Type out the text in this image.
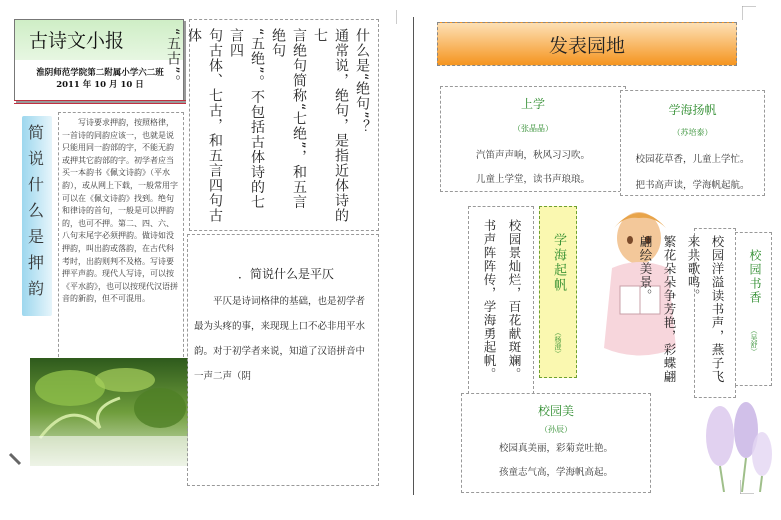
古诗文小报
淮阴师范学院第二附属小学六二班
2011 年 10 月 10 日
简说什么是押韵

写诗要求押韵，按照格律，一首诗的同韵应该一，也就是说只能用同一韵部的字，不能无韵或押其它韵部的字。初学者应当买一本韵书《佩文诗韵》（平水韵），或从网上下载，一般常用字可以在《佩文诗韵》找到。绝句和律诗的首句，一般是可以押韵的，也可不押。第二、四、六、八句末尾字必须押韵。做诗如没押韵，叫出韵或落韵，在古代科考时，出韵则判不及格。写诗要押平声韵。现代人写诗，可以按《平水韵》，也可以按现代汉语拼音的新韵，但不可混用。

什么是“绝句”？
通常说，绝句，是指近体诗的七
言绝句简称“七绝”，和五言绝句
“五绝”。不包括古体诗的七言四
句古体、七古，和五言四句古体
“五古”。
．简说什么是平仄

平仄是诗词格律的基础，也是初学者最为头疼的事，来现现上口不必非用平水韵。对于初学者来说，知道了汉语拼音中一声二声（阴

发表园地
上学
（张晶晶）
汽笛声声响，秋风习习吹。
儿童上学堂，读书声琅琅。
学海扬帆
（苏培泰）
校园花草香，儿童上学忙。
把书高声读，学海帆起航。
校园景灿烂，百花献斑斓。
书声阵阵传，学海勇起帆。	学海起帆
（杨澄）	校园洋溢读书声，燕子飞来共歌鸣。
繁花朵朵争芳艳，彩蝶翩翩绘美景。	校园书香
（吴舒）
校园美
（孙辰）
校园真美丽，彩菊竞吐艳。
孩童志气高，学海帆高起。
